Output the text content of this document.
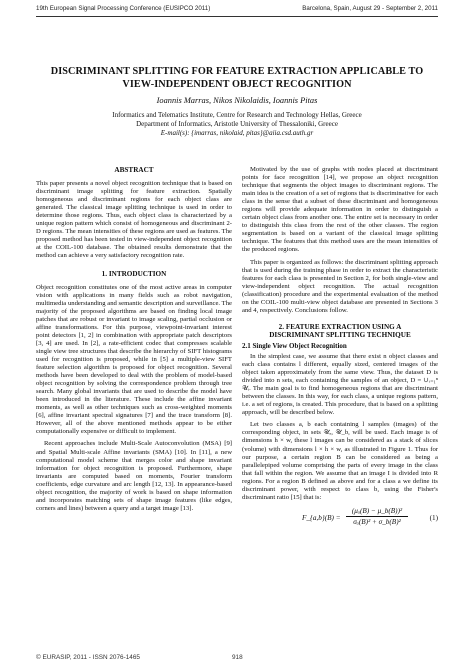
19th European Signal Processing Conference (EUSIPCO 2011)	Barcelona, Spain, August 29 - September 2, 2011
DISCRIMINANT SPLITTING FOR FEATURE EXTRACTION APPLICABLE TO
VIEW-INDEPENDENT OBJECT RECOGNITION
Ioannis Marras, Nikos Nikolaidis, Ioannis Pitas
Informatics and Telematics Institute, Centre for Research and Technology Hellas, Greece
Department of Informatics, Aristotle University of Thessaloniki, Greece
E-mail(s): {imarras, nikolaid, pitas}@aiia.csd.auth.gr
ABSTRACT

This paper presents a novel object recognition technique that is based on discriminant image splitting for feature extraction. Spatially homogeneous and discriminant regions for each object class are generated. The classical image splitting technique is used in order to determine those regions. Thus, each object class is characterized by a unique region pattern which consist of homogeneous and discriminant 2-D regions. The mean intensities of these regions are used as features. The proposed method has been tested in view-independent object recognition at the COIL-100 database. The obtained results demonstrate that the method can achieve a very satisfactory recognition rate.

1. INTRODUCTION

Object recognition constitutes one of the most active areas in computer vision with applications in many fields such as robot navigation, multimedia understanding and semantic description and surveillance. The majority of the proposed algorithms are based on finding local image patches that are robust or invariant to image scaling, partial occlusion or affine transformations. For this purpose, viewpoint-invariant interest point detectors [1, 2] in combination with appropriate patch descriptors [3, 4] are used. In [2], a rate-efficient codec that compresses scalable single view tree structures that describe the hierarchy of SIFT histograms used for recognition is proposed, while in [5] a multiple-view SIFT feature selection algorithm is proposed for object recognition. Several methods have been developed to deal with the problem of model-based object recognition by solving the correspondence problem through tree search. Many global invariants that are used to describe the model have been introduced in the literature. These include the affine invariant moments, as well as other techniques such as cross-weighted moments [6], affine invariant spectral signatures [7] and the trace transform [8]. However, all of the above mentioned methods appear to be either computationally expensive or difficult to implement.

Recent approaches include Multi-Scale Autoconvolution (MSA) [9] and Spatial Multi-scale Affine invariants (SMA) [10]. In [11], a new computational model scheme that merges color and shape invariant information for object recognition is proposed. Furthermore, shape invariants are computed based on moments, Fourier transform coefficients, edge curvature and arc length [12, 13]. In appearance-based object recognition, the majority of work is based on shape information and incorporates matching sets of shape image features (like edges, corners and lines) between a query and a target image [13].

Motivated by the use of graphs with nodes placed at discriminant points for face recognition [14], we propose an object recognition technique that segments the object images to discriminant regions. The main idea is the creation of a set of regions that is discriminative for each class in the sense that a subset of these discriminant and homogeneous regions will provide adequate information in order to distinguish a certain object class from another one. The entire set is necessary in order to distinguish this class from the rest of the other classes. The region segmentation is based on a variant of the classical image splitting technique. The features that this method uses are the mean intensities of the produced regions.

This paper is organized as follows: the discriminant splitting approach that is used during the training phase in order to extract the characteristic features for each class is presented in Section 2, for both single-view and view-independent object recognition. The actual recognition (classification) procedure and the experimental evaluation of the method on the COIL-100 multi-view object database are presented in Sections 3 and 4, respectively. Conclusions follow.

2. FEATURE EXTRACTION USING A
DISCRIMINANT SPLITTING TECHNIQUE
2.1 Single View Object Recognition

In the simplest case, we assume that there exist n object classes and each class contains l different, equally sized, centered images of the object taken approximately from the same view. Thus, the dataset D is divided into n sets, each containing the samples of an object, D = ∪ᵢ₌₁ⁿ 𝒰ᵢ. The main goal is to find homogeneous regions that are discriminant between the classes. In this way, for each class, a unique regions pattern, i.e. a set of regions, is created. This procedure, that is based on a splitting approach, will be described below.

Let two classes a, b each containing l samples (images) of the corresponding object, in sets 𝒰ₐ, 𝒰_b, will be used. Each image is of dimensions h × w, these l images can be considered as a stack of slices (volume) with dimensions l × h × w, as illustrated in Figure 1. Thus for our purpose, a certain region B can be considered as being a parallelepiped volume comprising the parts of every image in the class that fall within the region. We assume that an image I is divided into R regions. For a region B defined as above and for a class a we define its discriminant power, with respect to class b, using the Fisher's discriminant ratio [15] that is:

F_{a,b}(B) = $\frac{\text{(μₐ(B) − μ\_b(B))²}}{\text{σₐ(B)² + σ\_b(B)²}}$	(1)
© EURASIP, 2011 - ISSN 2076-1465	918
